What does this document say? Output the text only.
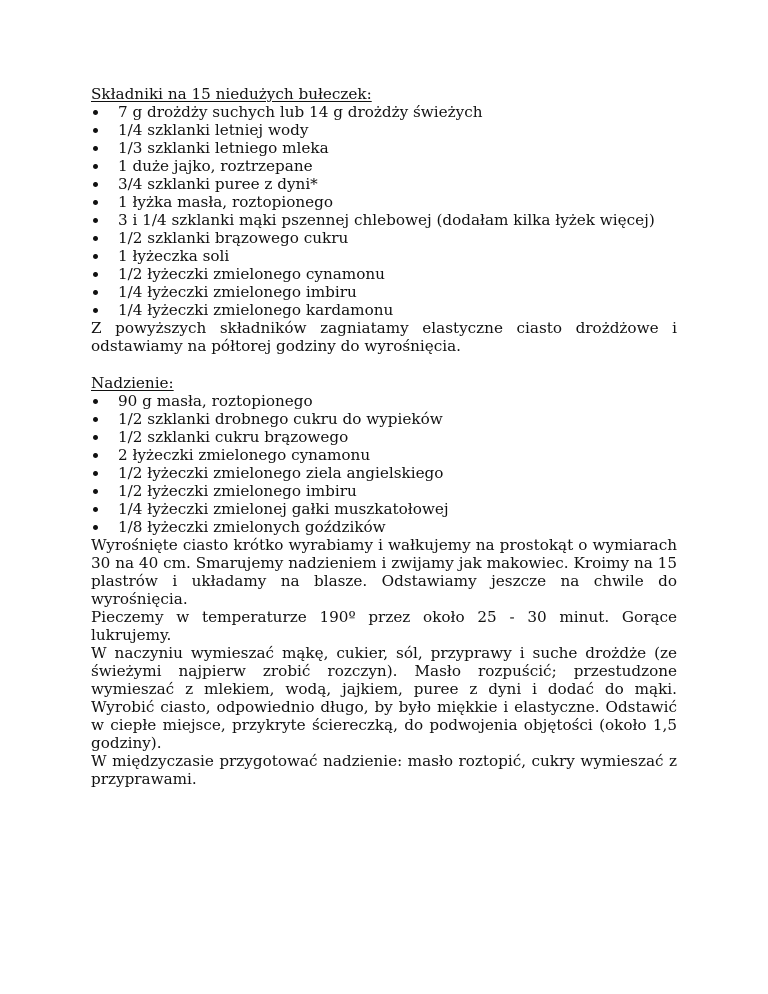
Składniki na 15 niedużych bułeczek:

7 g drożdży suchych lub 14 g drożdży świeżych
1/4 szklanki letniej wody
1/3 szklanki letniego mleka
1 duże jajko, roztrzepane
3/4 szklanki puree z dyni*
1 łyżka masła, roztopionego
3 i 1/4 szklanki mąki pszennej chlebowej (dodałam kilka łyżek więcej)
1/2 szklanki brązowego cukru
1 łyżeczka soli
1/2 łyżeczki zmielonego cynamonu
1/4 łyżeczki zmielonego imbiru
1/4 łyżeczki zmielonego kardamonu

Z powyższych składników zagniatamy elastyczne ciasto drożdżowe i odstawiamy na półtorej godziny do wyrośnięcia.

Nadzienie:

90 g masła, roztopionego
1/2 szklanki drobnego cukru do wypieków
1/2 szklanki cukru brązowego
2 łyżeczki zmielonego cynamonu
1/2 łyżeczki zmielonego ziela angielskiego
1/2 łyżeczki zmielonego imbiru
1/4 łyżeczki zmielonej gałki muszkatołowej
1/8 łyżeczki zmielonych goździków

Wyrośnięte ciasto krótko wyrabiamy i wałkujemy na prostokąt o wymiarach 30 na 40 cm. Smarujemy nadzieniem i zwijamy jak makowiec. Kroimy na 15 plastrów i układamy na blasze. Odstawiamy jeszcze na chwile do wyrośnięcia.

Pieczemy w temperaturze 190º przez około 25 - 30 minut. Gorące lukrujemy.

W naczyniu wymieszać mąkę, cukier, sól, przyprawy i suche drożdże (ze świeżymi najpierw zrobić rozczyn). Masło rozpuścić; przestudzone wymieszać z mlekiem, wodą, jajkiem, puree z dyni i dodać do mąki. Wyrobić ciasto, odpowiednio długo, by było miękkie i elastyczne. Odstawić w ciepłe miejsce, przykryte ściereczką, do podwojenia objętości (około 1,5 godziny).

W międzyczasie przygotować nadzienie: masło roztopić, cukry wymieszać z przyprawami.
